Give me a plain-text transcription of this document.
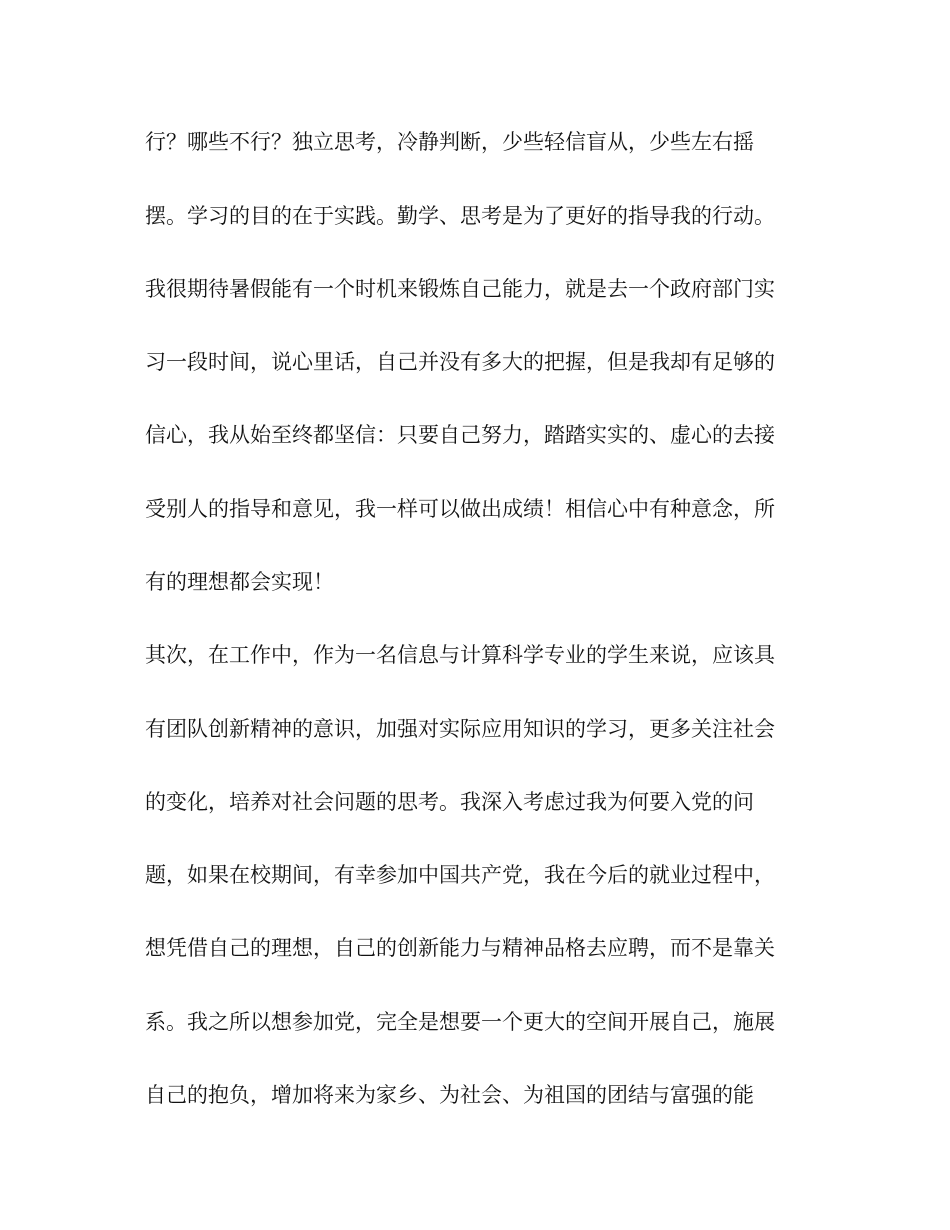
行？哪些不行？独立思考，冷静判断，少些轻信盲从，少些左右摇
摆。学习的目的在于实践。勤学、思考是为了更好的指导我的行动。
我很期待暑假能有一个时机来锻炼自己能力，就是去一个政府部门实
习一段时间，说心里话，自己并没有多大的把握，但是我却有足够的
信心，我从始至终都坚信：只要自己努力，踏踏实实的、虚心的去接
受别人的指导和意见，我一样可以做出成绩！相信心中有种意念，所
有的理想都会实现！
其次，在工作中，作为一名信息与计算科学专业的学生来说，应该具
有团队创新精神的意识，加强对实际应用知识的学习，更多关注社会
的变化，培养对社会问题的思考。我深入考虑过我为何要入党的问
题，如果在校期间，有幸参加中国共产党，我在今后的就业过程中，
想凭借自己的理想，自己的创新能力与精神品格去应聘，而不是靠关
系。我之所以想参加党，完全是想要一个更大的空间开展自己，施展
自己的抱负，增加将来为家乡、为社会、为祖国的团结与富强的能
